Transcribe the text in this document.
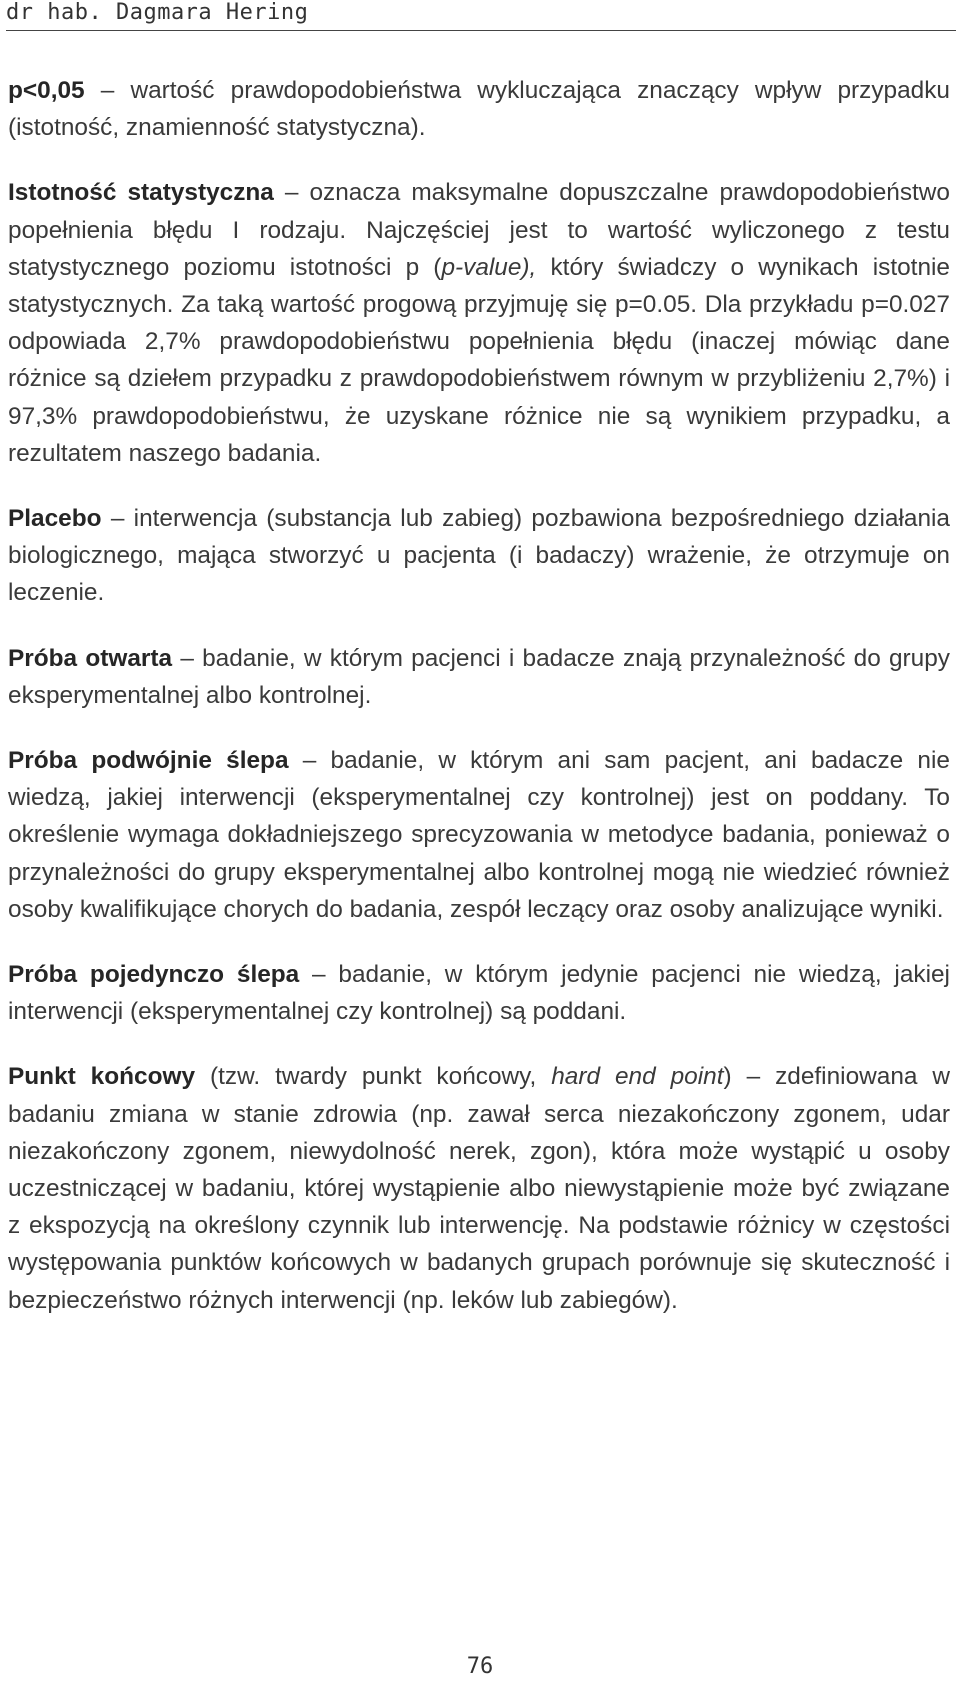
dr hab. Dagmara Hering

p<0,05 – wartość prawdopodobieństwa wykluczająca znaczący wpływ przypadku (istotność, znamienność statystyczna).

Istotność statystyczna – oznacza maksymalne dopuszczalne prawdopodobieństwo popełnienia błędu I rodzaju. Najczęściej jest to wartość wyliczonego z testu statystycznego poziomu istotności p (p-value), który świadczy o wynikach istotnie statystycznych. Za taką wartość progową przyjmuję się p=0.05. Dla przykładu p=0.027 odpowiada 2,7% prawdopodobieństwu popełnienia błędu (inaczej mówiąc dane różnice są dziełem przypadku z prawdopodobieństwem równym w przybliżeniu 2,7%) i 97,3% prawdopodobieństwu, że uzyskane różnice nie są wynikiem przypadku, a rezultatem naszego badania.

Placebo – interwencja (substancja lub zabieg) pozbawiona bezpośredniego działania biologicznego, mająca stworzyć u pacjenta (i badaczy) wrażenie, że otrzymuje on leczenie.

Próba otwarta – badanie, w którym pacjenci i badacze znają przynależność do grupy eksperymentalnej albo kontrolnej.

Próba podwójnie ślepa – badanie, w którym ani sam pacjent, ani badacze nie wiedzą, jakiej interwencji (eksperymentalnej czy kontrolnej) jest on poddany. To określenie wymaga dokładniejszego sprecyzowania w metodyce badania, ponieważ o przynależności do grupy eksperymentalnej albo kontrolnej mogą nie wiedzieć również osoby kwalifikujące chorych do badania, zespół leczący oraz osoby analizujące wyniki.

Próba pojedynczo ślepa – badanie, w którym jedynie pacjenci nie wiedzą, jakiej interwencji (eksperymentalnej czy kontrolnej) są poddani.

Punkt końcowy (tzw. twardy punkt końcowy, hard end point) – zdefiniowana w badaniu zmiana w stanie zdrowia (np. zawał serca niezakończony zgonem, udar niezakończony zgonem, niewydolność nerek, zgon), która może wystąpić u osoby uczestniczącej w badaniu, której wystąpienie albo niewystąpienie może być związane z ekspozycją na określony czynnik lub interwencję. Na podstawie różnicy w częstości występowania punktów końcowych w badanych grupach porównuje się skuteczność i bezpieczeństwo różnych interwencji (np. leków lub zabiegów).

76
